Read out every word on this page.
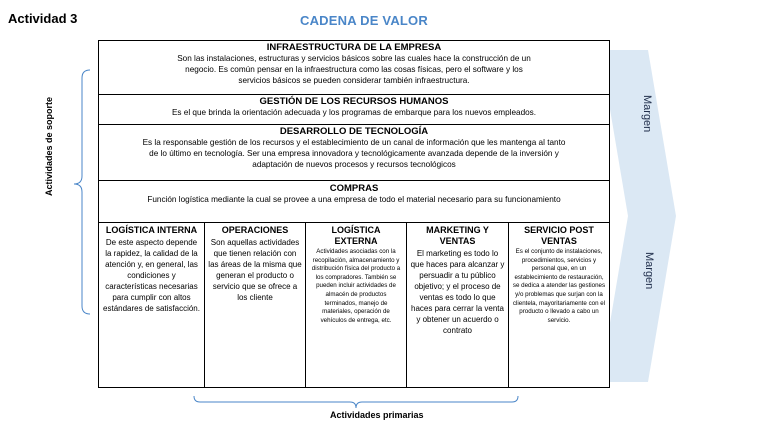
Actividad 3	CADENA DE VALOR
Margen
Margen
INFRAESTRUCTURA DE LA EMPRESA

Son las instalaciones, estructuras y servicios básicos sobre las cuales hace la construcción de un

negocio. Es común pensar en la infraestructura como las cosas físicas, pero el software y los

servicios básicos se pueden considerar también infraestructura.

GESTIÓN DE LOS RECURSOS HUMANOS

Es el que brinda la orientación adecuada y los programas de embarque para los nuevos empleados.

DESARROLLO DE TECNOLOGÍA

Es la responsable gestión de los recursos y el establecimiento de un canal de información que les mantenga al tanto

de lo último en tecnología. Ser una empresa innovadora y tecnológicamente avanzada depende de la inversión y

adaptación de nuevos procesos y recursos tecnológicos

COMPRAS

Función logística mediante la cual se provee a una empresa de todo el material necesario para su funcionamiento

LOGÍSTICA INTERNA

De este aspecto depende la rapidez, la calidad de la atención y, en general, las condiciones y características necesarias para cumplir con altos estándares de satisfacción.

OPERACIONES

Son aquellas actividades que tienen relación con las áreas de la misma que generan el producto o servicio que se ofrece a los cliente

LOGÍSTICA EXTERNA

Actividades asociadas con la recopilación, almacenamiento y distribución física del producto a los compradores. También se pueden incluir actividades de almacén de productos terminados, manejo de materiales, operación de vehículos de entrega, etc.

MARKETING Y VENTAS

El marketing es todo lo que haces para alcanzar y persuadir a tu público objetivo; y el proceso de ventas es todo lo que haces para cerrar la venta y obtener un acuerdo o contrato

SERVICIO POST VENTAS

Es el conjunto de instalaciones, procedimientos, servicios y personal que, en un establecimiento de restauración, se dedica a atender las gestiones y/o problemas que surjan con la clientela, mayoritariamente con el producto o llevado a cabo un servicio.

Actividades de soporte
Actividades primarias
